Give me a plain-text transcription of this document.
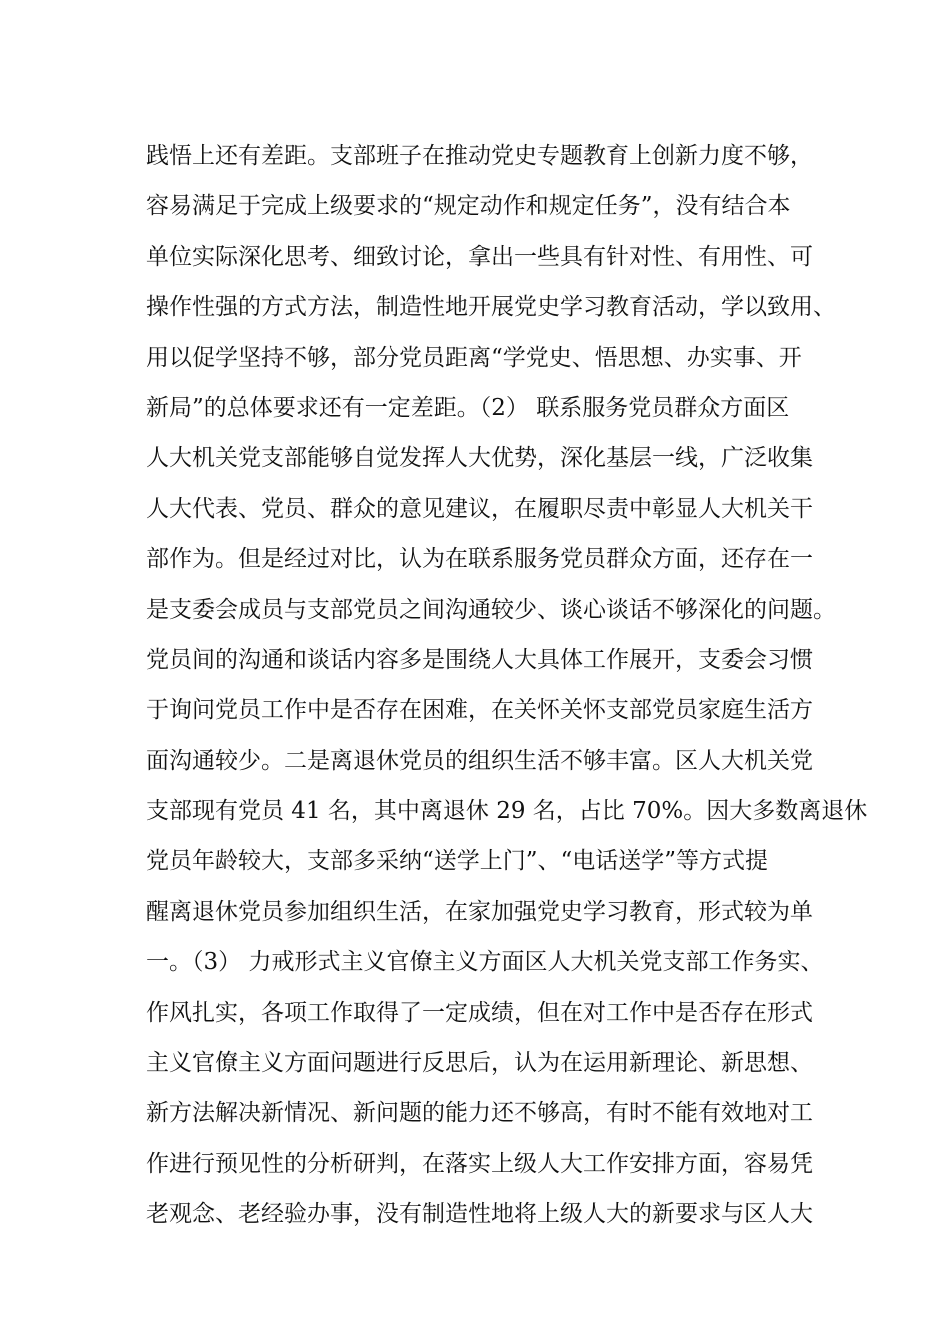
践悟上还有差距。支部班子在推动党史专题教育上创新力度不够，
容易满足于完成上级要求的“规定动作和规定任务”，没有结合本
单位实际深化思考、细致讨论，拿出一些具有针对性、有用性、可
操作性强的方式方法，制造性地开展党史学习教育活动，学以致用、
用以促学坚持不够，部分党员距离“学党史、悟思想、办实事、开
新局”的总体要求还有一定差距。（2） 联系服务党员群众方面区
人大机关党支部能够自觉发挥人大优势，深化基层一线，广泛收集
人大代表、党员、群众的意见建议，在履职尽责中彰显人大机关干
部作为。但是经过对比，认为在联系服务党员群众方面，还存在一
是支委会成员与支部党员之间沟通较少、谈心谈话不够深化的问题。
党员间的沟通和谈话内容多是围绕人大具体工作展开，支委会习惯
于询问党员工作中是否存在困难，在关怀关怀支部党员家庭生活方
面沟通较少。二是离退休党员的组织生活不够丰富。区人大机关党
支部现有党员 41 名，其中离退休 29 名，占比 70%。因大多数离退休
党员年龄较大，支部多采纳“送学上门”、“电话送学”等方式提
醒离退休党员参加组织生活，在家加强党史学习教育，形式较为单
一。（3） 力戒形式主义官僚主义方面区人大机关党支部工作务实、
作风扎实，各项工作取得了一定成绩，但在对工作中是否存在形式
主义官僚主义方面问题进行反思后，认为在运用新理论、新思想、
新方法解决新情况、新问题的能力还不够高，有时不能有效地对工
作进行预见性的分析研判，在落实上级人大工作安排方面，容易凭
老观念、老经验办事，没有制造性地将上级人大的新要求与区人大
